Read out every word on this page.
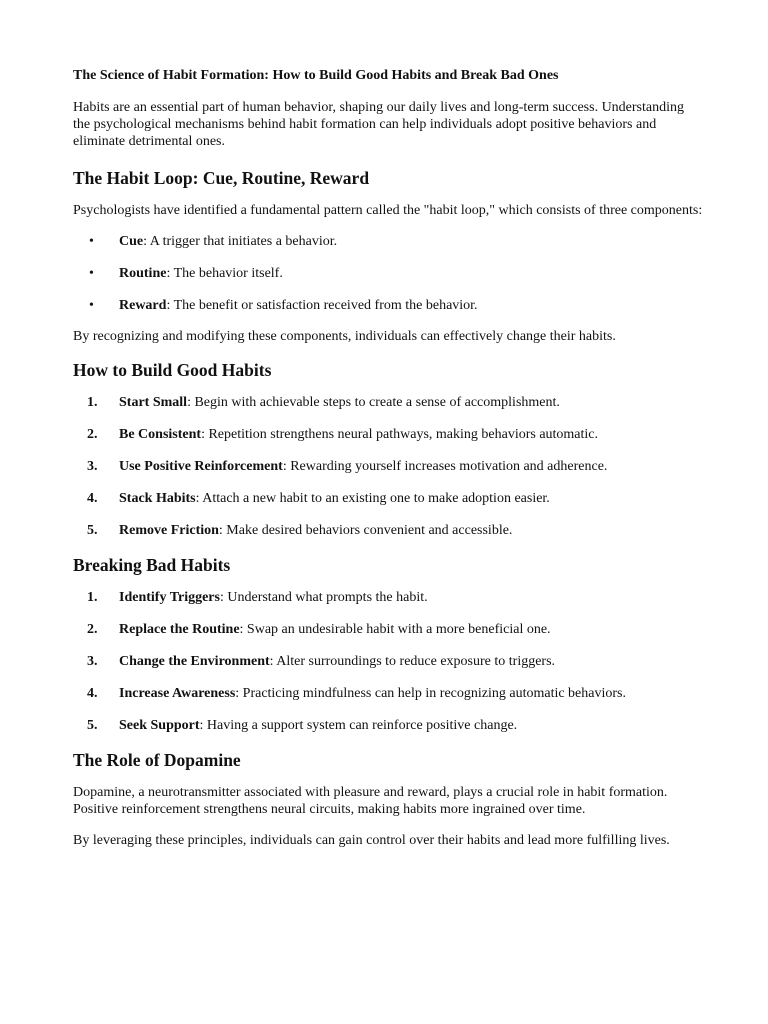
The Science of Habit Formation: How to Build Good Habits and Break Bad Ones

Habits are an essential part of human behavior, shaping our daily lives and long-term success. Understanding the psychological mechanisms behind habit formation can help individuals adopt positive behaviors and eliminate detrimental ones.

The Habit Loop: Cue, Routine, Reward

Psychologists have identified a fundamental pattern called the "habit loop," which consists of three components:

• Cue: A trigger that initiates a behavior.
• Routine: The behavior itself.
• Reward: The benefit or satisfaction received from the behavior.

By recognizing and modifying these components, individuals can effectively change their habits.

How to Build Good Habits
1. Start Small: Begin with achievable steps to create a sense of accomplishment.
2. Be Consistent: Repetition strengthens neural pathways, making behaviors automatic.
3. Use Positive Reinforcement: Rewarding yourself increases motivation and adherence.
4. Stack Habits: Attach a new habit to an existing one to make adoption easier.
5. Remove Friction: Make desired behaviors convenient and accessible.
Breaking Bad Habits
1. Identify Triggers: Understand what prompts the habit.
2. Replace the Routine: Swap an undesirable habit with a more beneficial one.
3. Change the Environment: Alter surroundings to reduce exposure to triggers.
4. Increase Awareness: Practicing mindfulness can help in recognizing automatic behaviors.
5. Seek Support: Having a support system can reinforce positive change.
The Role of Dopamine

Dopamine, a neurotransmitter associated with pleasure and reward, plays a crucial role in habit formation. Positive reinforcement strengthens neural circuits, making habits more ingrained over time.

By leveraging these principles, individuals can gain control over their habits and lead more fulfilling lives.
